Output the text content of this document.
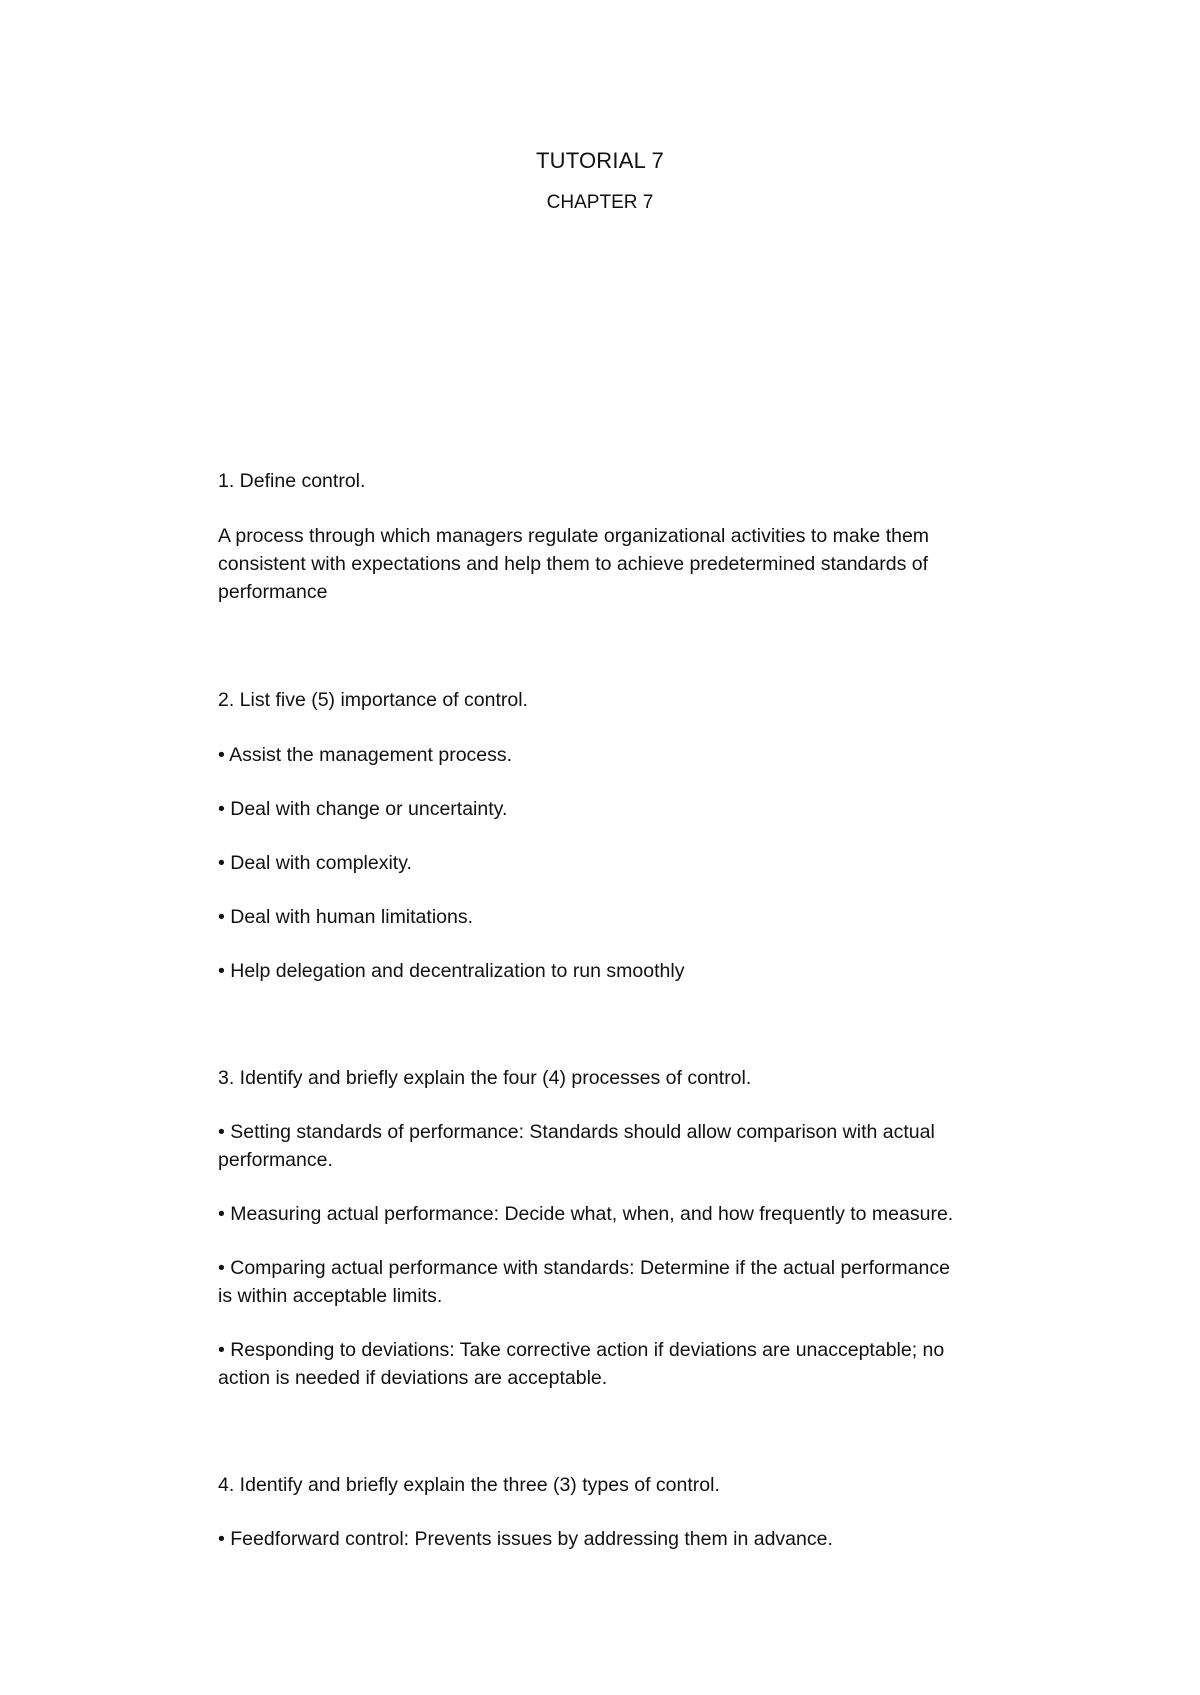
TUTORIAL 7
CHAPTER 7
1. Define control.
A process through which managers regulate organizational activities to make them
consistent with expectations and help them to achieve predetermined standards of
performance
2. List five (5) importance of control.
• Assist the management process.
• Deal with change or uncertainty.
• Deal with complexity.
• Deal with human limitations.
• Help delegation and decentralization to run smoothly
3. Identify and briefly explain the four (4) processes of control.
• Setting standards of performance: Standards should allow comparison with actual
performance.
• Measuring actual performance: Decide what, when, and how frequently to measure.
• Comparing actual performance with standards: Determine if the actual performance
is within acceptable limits.
• Responding to deviations: Take corrective action if deviations are unacceptable; no
action is needed if deviations are acceptable.
4. Identify and briefly explain the three (3) types of control.
• Feedforward control: Prevents issues by addressing them in advance.
